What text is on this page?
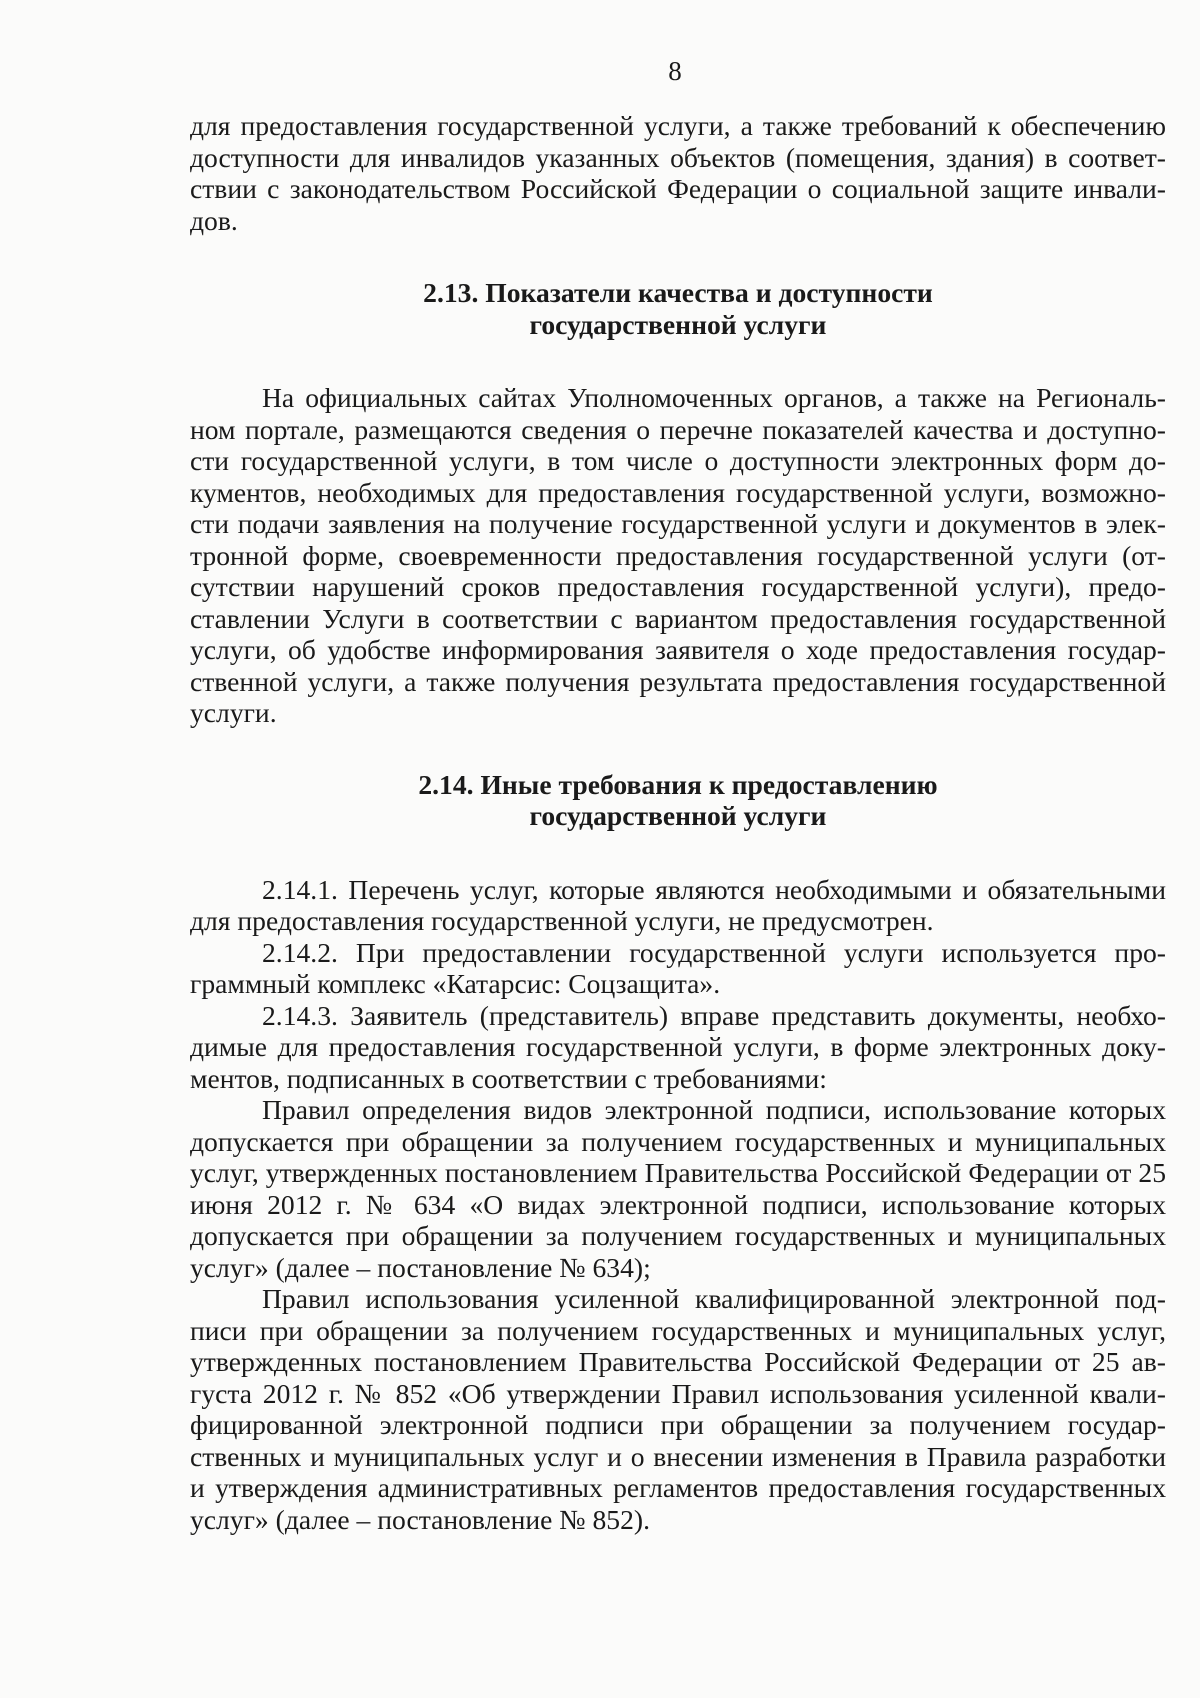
8

для предоставления государственной услуги, а также требований к обеспечению доступности для инвалидов указанных объектов (помещения, здания) в соответствии с законодательством Российской Федерации о социальной защите инвалидов.

2.13. Показатели качества и доступности
государственной услуги

На официальных сайтах Уполномоченных органов, а также на Региональном портале, размещаются сведения о перечне показателей качества и доступности государственной услуги, в том числе о доступности электронных форм документов, необходимых для предоставления государственной услуги, возможности подачи заявления на получение государственной услуги и документов в электронной форме, своевременности предоставления государственной услуги (отсутствии нарушений сроков предоставления государственной услуги), предоставлении Услуги в соответствии с вариантом предоставления государственной услуги, об удобстве информирования заявителя о ходе предоставления государственной услуги, а также получения результата предоставления государственной услуги.

2.14. Иные требования к предоставлению
государственной услуги

2.14.1. Перечень услуг, которые являются необходимыми и обязательными для предоставления государственной услуги, не предусмотрен.

2.14.2. При предоставлении государственной услуги используется программный комплекс «Катарсис: Соцзащита».

2.14.3. Заявитель (представитель) вправе представить документы, необходимые для предоставления государственной услуги, в форме электронных документов, подписанных в соответствии с требованиями:

Правил определения видов электронной подписи, использование которых допускается при обращении за получением государственных и муниципальных услуг, утвержденных постановлением Правительства Российской Федерации от 25 июня 2012 г. № 634 «О видах электронной подписи, использование которых допускается при обращении за получением государственных и муниципальных услуг» (далее – постановление № 634);

Правил использования усиленной квалифицированной электронной подписи при обращении за получением государственных и муниципальных услуг, утвержденных постановлением Правительства Российской Федерации от 25 августа 2012 г. № 852 «Об утверждении Правил использования усиленной квалифицированной электронной подписи при обращении за получением государственных и муниципальных услуг и о внесении изменения в Правила разработки и утверждения административных регламентов предоставления государственных услуг» (далее – постановление № 852).
